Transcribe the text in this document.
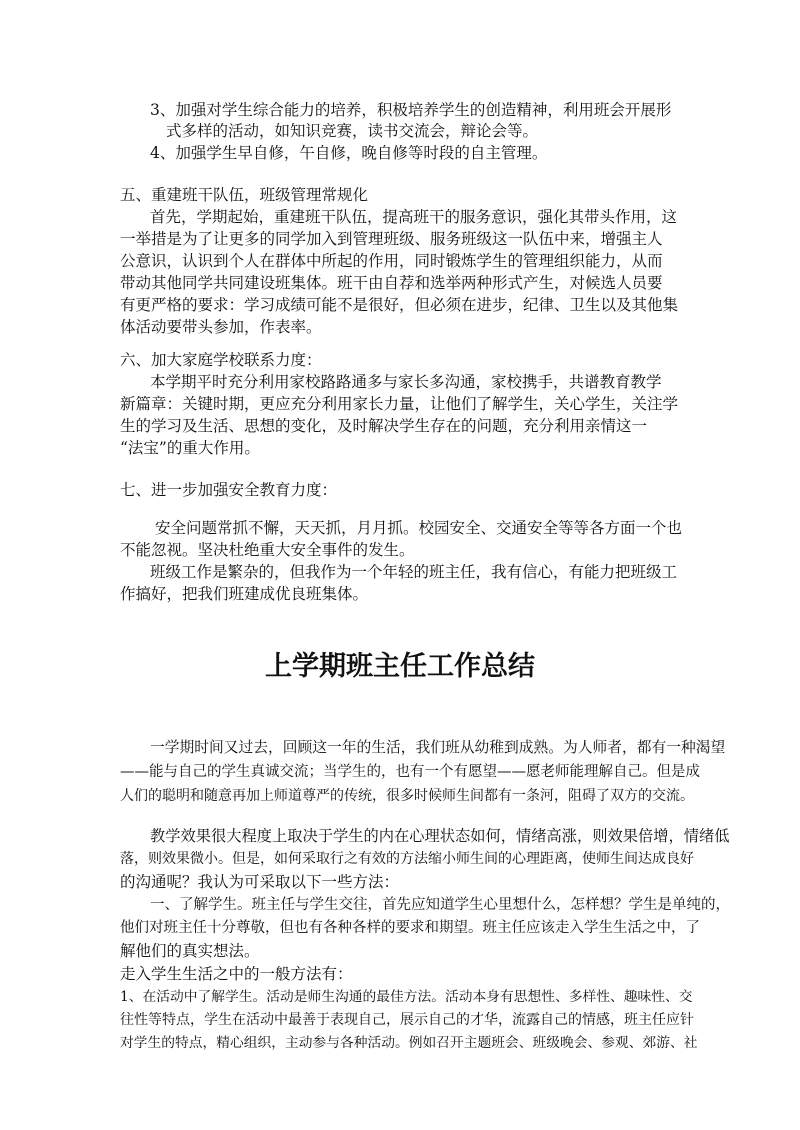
3、加强对学生综合能力的培养，积极培养学生的创造精神，利用班会开展形
式多样的活动，如知识竞赛，读书交流会，辩论会等。
4、加强学生早自修，午自修，晚自修等时段的自主管理。
五、重建班干队伍，班级管理常规化
首先，学期起始，重建班干队伍，提高班干的服务意识，强化其带头作用，这
一举措是为了让更多的同学加入到管理班级、服务班级这一队伍中来，增强主人
公意识，认识到个人在群体中所起的作用，同时锻炼学生的管理组织能力，从而
带动其他同学共同建设班集体。班干由自荐和选举两种形式产生，对候选人员要
有更严格的要求：学习成绩可能不是很好，但必须在进步，纪律、卫生以及其他集
体活动要带头参加，作表率。
六、加大家庭学校联系力度：
本学期平时充分利用家校路路通多与家长多沟通，家校携手，共谱教育教学
新篇章：关键时期，更应充分利用家长力量，让他们了解学生，关心学生，关注学
生的学习及生活、思想的变化，及时解决学生存在的问题，充分利用亲情这一
“法宝”的重大作用。
七、进一步加强安全教育力度：
安全问题常抓不懈，天天抓，月月抓。校园安全、交通安全等等各方面一个也
不能忽视。坚决杜绝重大安全事件的发生。
班级工作是繁杂的，但我作为一个年轻的班主任，我有信心，有能力把班级工
作搞好，把我们班建成优良班集体。
上学期班主任工作总结
一学期时间又过去，回顾这一年的生活，我们班从幼稚到成熟。为人师者，都有一种渴望
——能与自己的学生真诚交流；当学生的，也有一个有愿望——愿老师能理解自己。但是成
人们的聪明和随意再加上师道尊严的传统，很多时候师生间都有一条河，阻碍了双方的交流。
教学效果很大程度上取决于学生的内在心理状态如何，情绪高涨，则效果倍增，情绪低
落，则效果微小。但是，如何采取行之有效的方法缩小师生间的心理距离，使师生间达成良好
的沟通呢？我认为可采取以下一些方法：
一、了解学生。班主任与学生交往，首先应知道学生心里想什么，怎样想？学生是单纯的，
他们对班主任十分尊敬，但也有各种各样的要求和期望。班主任应该走入学生生活之中，了
解他们的真实想法。
走入学生生活之中的一般方法有：
1、在活动中了解学生。活动是师生沟通的最佳方法。活动本身有思想性、多样性、趣味性、交
往性等特点，学生在活动中最善于表现自己，展示自己的才华，流露自己的情感，班主任应针
对学生的特点，精心组织，主动参与各种活动。例如召开主题班会、班级晚会、参观、郊游、社
